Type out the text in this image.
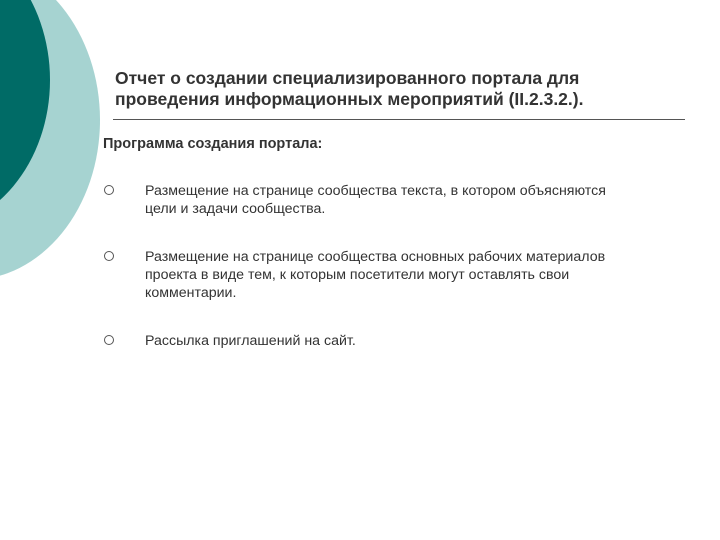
Отчет о создании специализированного портала для
проведения информационных мероприятий (II.2.3.2.).

Программа создания портала:

Размещение на странице сообщества текста, в котором объясняются
цели и задачи сообщества.

Размещение на странице сообщества основных рабочих материалов
проекта в виде тем, к которым посетители могут оставлять свои
комментарии.

Рассылка приглашений на сайт.
